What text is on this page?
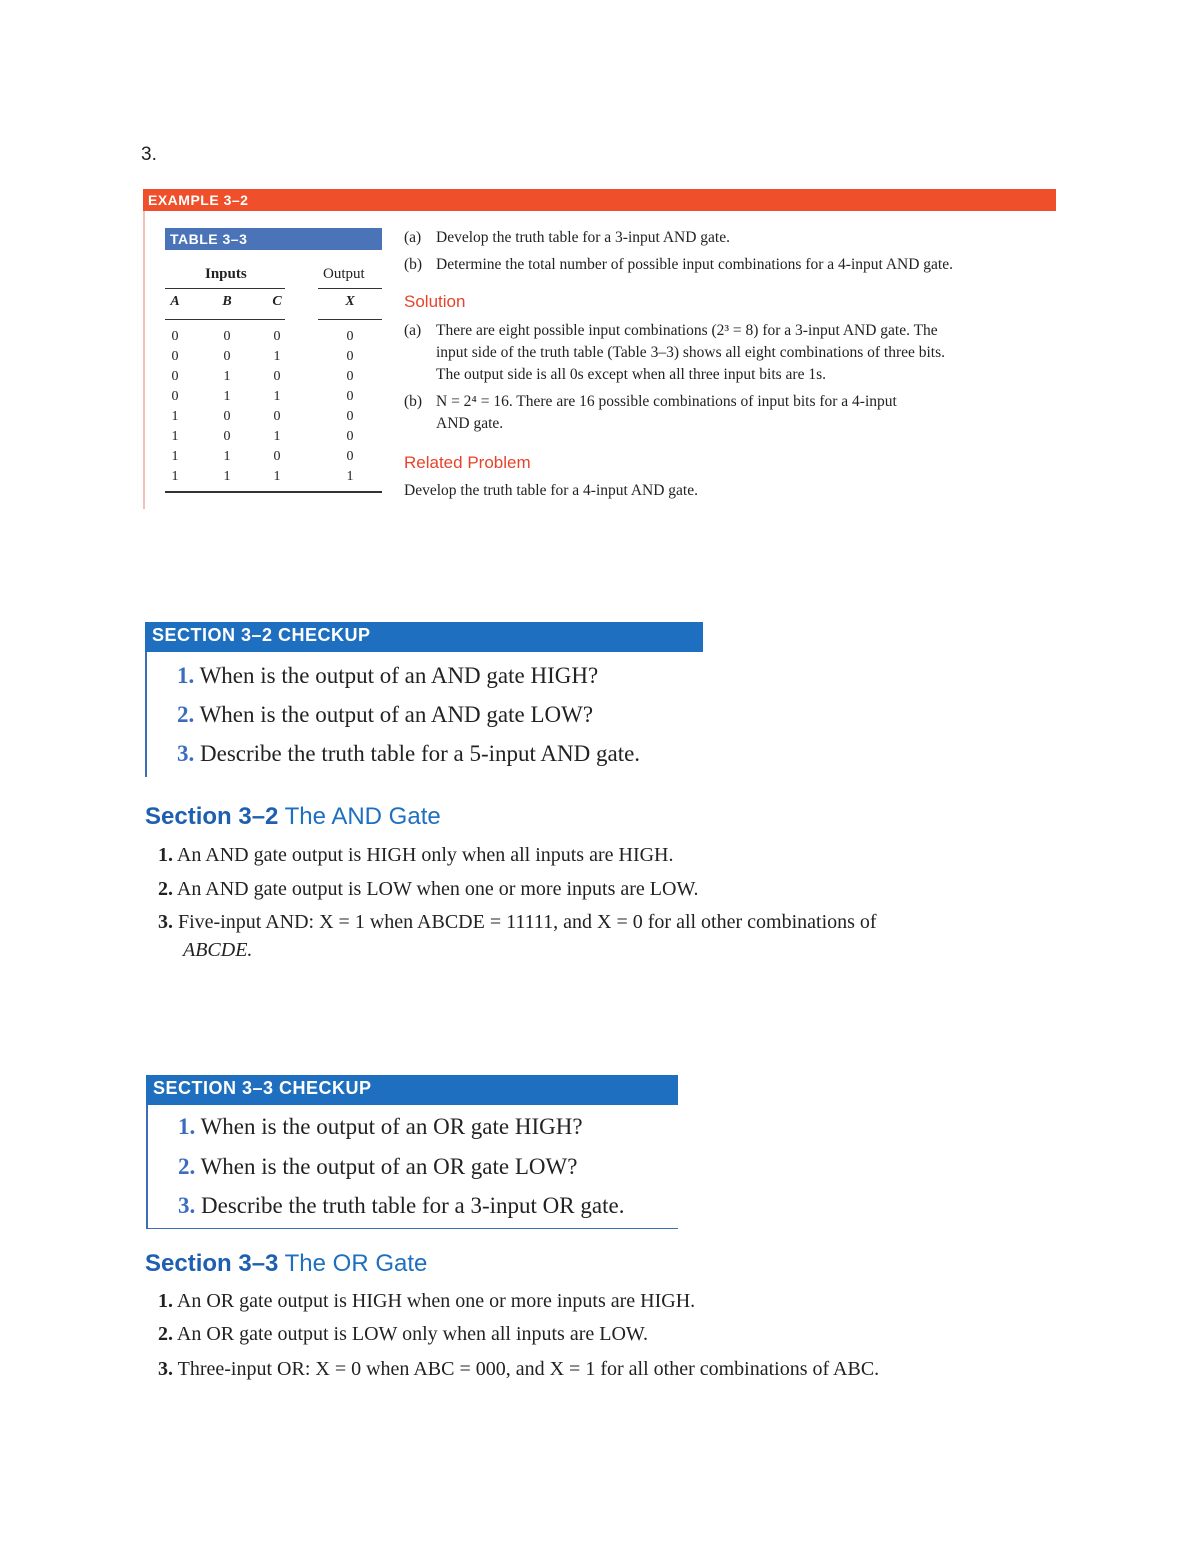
3.
EXAMPLE 3–2
TABLE 3–3
Inputs	Output
A	B	C	X
0	0	0	0
0	0	1	0
0	1	0	0
0	1	1	0
1	0	0	0
1	0	1	0
1	1	0	0
1	1	1	1
(a) Develop the truth table for a 3-input AND gate.
(b) Determine the total number of possible input combinations for a 4-input AND gate.
Solution
(a) There are eight possible input combinations (2³ = 8) for a 3-input AND gate. The
input side of the truth table (Table 3–3) shows all eight combinations of three bits.
The output side is all 0s except when all three input bits are 1s.
(b) N = 2⁴ = 16. There are 16 possible combinations of input bits for a 4-input
AND gate.
Related Problem
Develop the truth table for a 4-input AND gate.
SECTION 3–2 CHECKUP
1. When is the output of an AND gate HIGH?
2. When is the output of an AND gate LOW?
3. Describe the truth table for a 5-input AND gate.
Section 3–2 The AND Gate
1. An AND gate output is HIGH only when all inputs are HIGH.
2. An AND gate output is LOW when one or more inputs are LOW.
3. Five-input AND: X = 1 when ABCDE = 11111, and X = 0 for all other combinations of
ABCDE.
SECTION 3–3 CHECKUP
1. When is the output of an OR gate HIGH?
2. When is the output of an OR gate LOW?
3. Describe the truth table for a 3-input OR gate.
Section 3–3 The OR Gate
1. An OR gate output is HIGH when one or more inputs are HIGH.
2. An OR gate output is LOW only when all inputs are LOW.
3. Three-input OR: X = 0 when ABC = 000, and X = 1 for all other combinations of ABC.
